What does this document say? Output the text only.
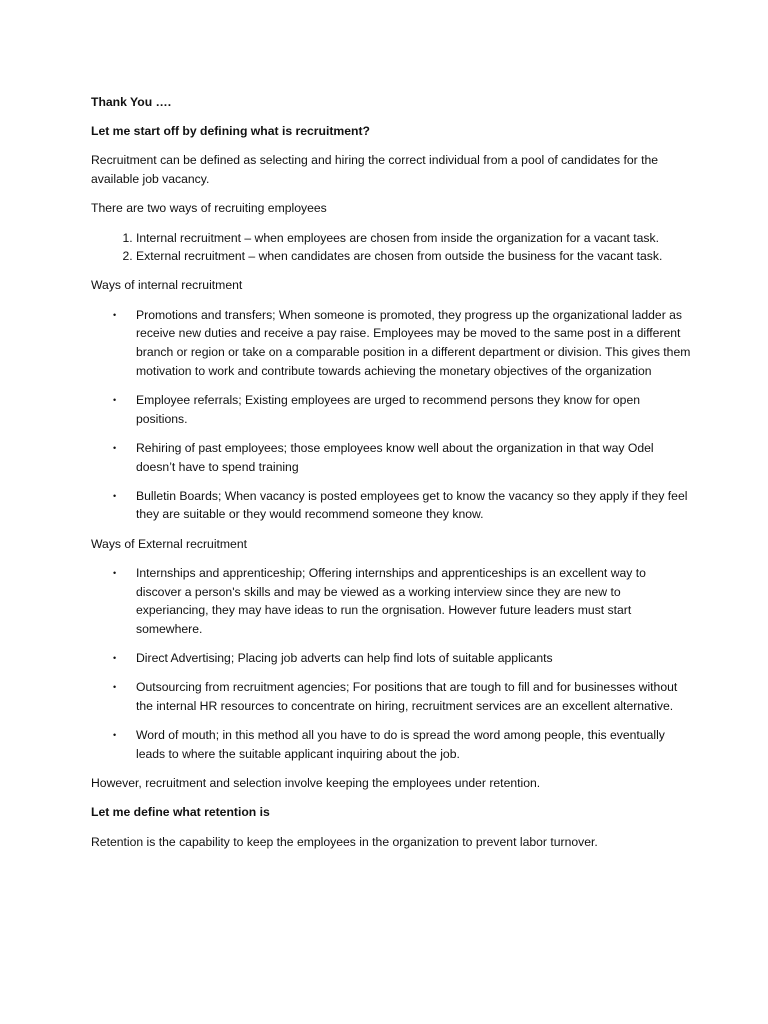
Thank You ….

Let me start off by defining what is recruitment?

Recruitment can be defined as selecting and hiring the correct individual from a pool of candidates for the available job vacancy.

There are two ways of recruiting employees

1. Internal recruitment – when employees are chosen from inside the organization for a vacant task.
2. External recruitment – when candidates are chosen from outside the business for the vacant task.

Ways of internal recruitment

• Promotions and transfers; When someone is promoted, they progress up the organizational ladder as receive new duties and receive a pay raise. Employees may be moved to the same post in a different branch or region or take on a comparable position in a different department or division. This gives them motivation to work and contribute towards achieving the monetary objectives of the organization
• Employee referrals; Existing employees are urged to recommend persons they know for open positions.
• Rehiring of past employees; those employees know well about the organization in that way Odel doesn’t have to spend training
• Bulletin Boards; When vacancy is posted employees get to know the vacancy so they apply if they feel they are suitable or they would recommend someone they know.

Ways of External recruitment

• Internships and apprenticeship; Offering internships and apprenticeships is an excellent way to discover a person's skills and may be viewed as a working interview since they are new to experiancing, they may have ideas to run the orgnisation. However future leaders must start somewhere.
• Direct Advertising; Placing job adverts can help find lots of suitable applicants
• Outsourcing from recruitment agencies; For positions that are tough to fill and for businesses without the internal HR resources to concentrate on hiring, recruitment services are an excellent alternative.
• Word of mouth; in this method all you have to do is spread the word among people, this eventually leads to where the suitable applicant inquiring about the job.

However, recruitment and selection involve keeping the employees under retention.

Let me define what retention is

Retention is the capability to keep the employees in the organization to prevent labor turnover.
